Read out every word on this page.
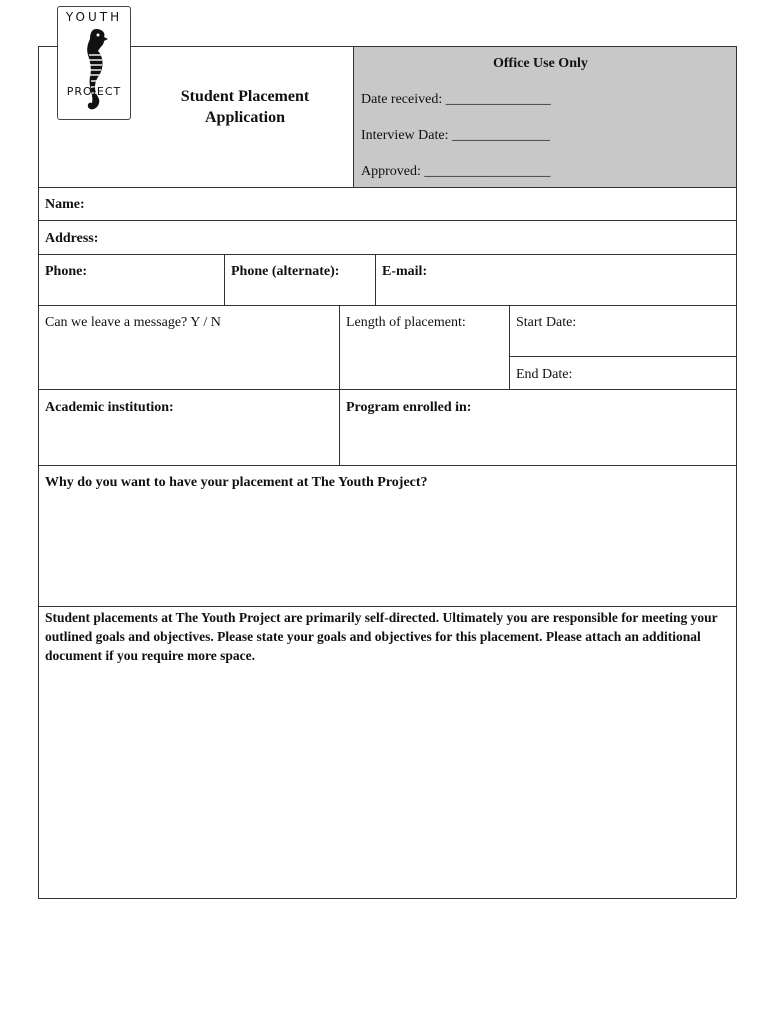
YOUTH
PROJECT	Student Placement Application
Office Use Only
Date received: _______________
Interview Date: ______________
Approved: __________________
Name:
Address:
Phone:	Phone (alternate):	E-mail:
Can we leave a message? Y / N	Length of placement:	Start Date:
End Date:
Academic institution:	Program enrolled in:
Why do you want to have your placement at The Youth Project?
Student placements at The Youth Project are primarily self-directed. Ultimately you are responsible for meeting your outlined goals and objectives. Please state your goals and objectives for this placement. Please attach an additional document if you require more space.
